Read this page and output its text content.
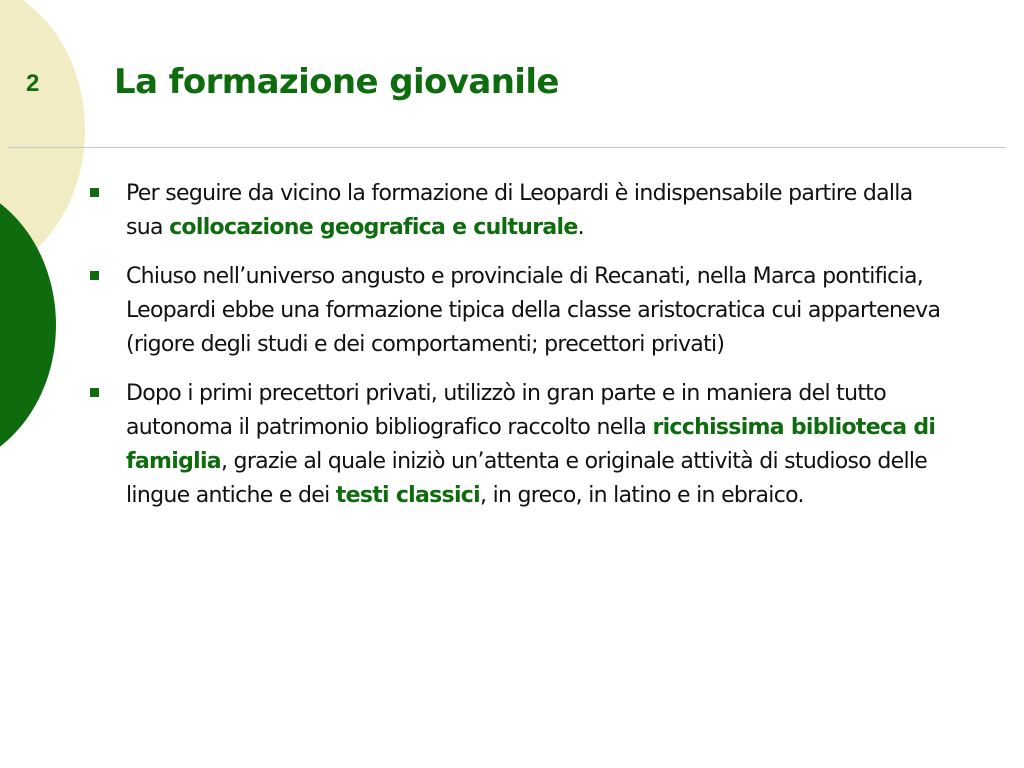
2 La formazione giovanile
Per seguire da vicino la formazione di Leopardi è indispensabile partire dalla sua collocazione geografica e culturale.
Chiuso nell’universo angusto e provinciale di Recanati, nella Marca pontificia, Leopardi ebbe una formazione tipica della classe aristocratica cui apparteneva (rigore degli studi e dei comportamenti; precettori privati)
Dopo i primi precettori privati, utilizzò in gran parte e in maniera del tutto autonoma il patrimonio bibliografico raccolto nella ricchissima biblioteca di famiglia, grazie al quale iniziò un’attenta e originale attività di studioso delle lingue antiche e dei testi classici, in greco, in latino e in ebraico.
